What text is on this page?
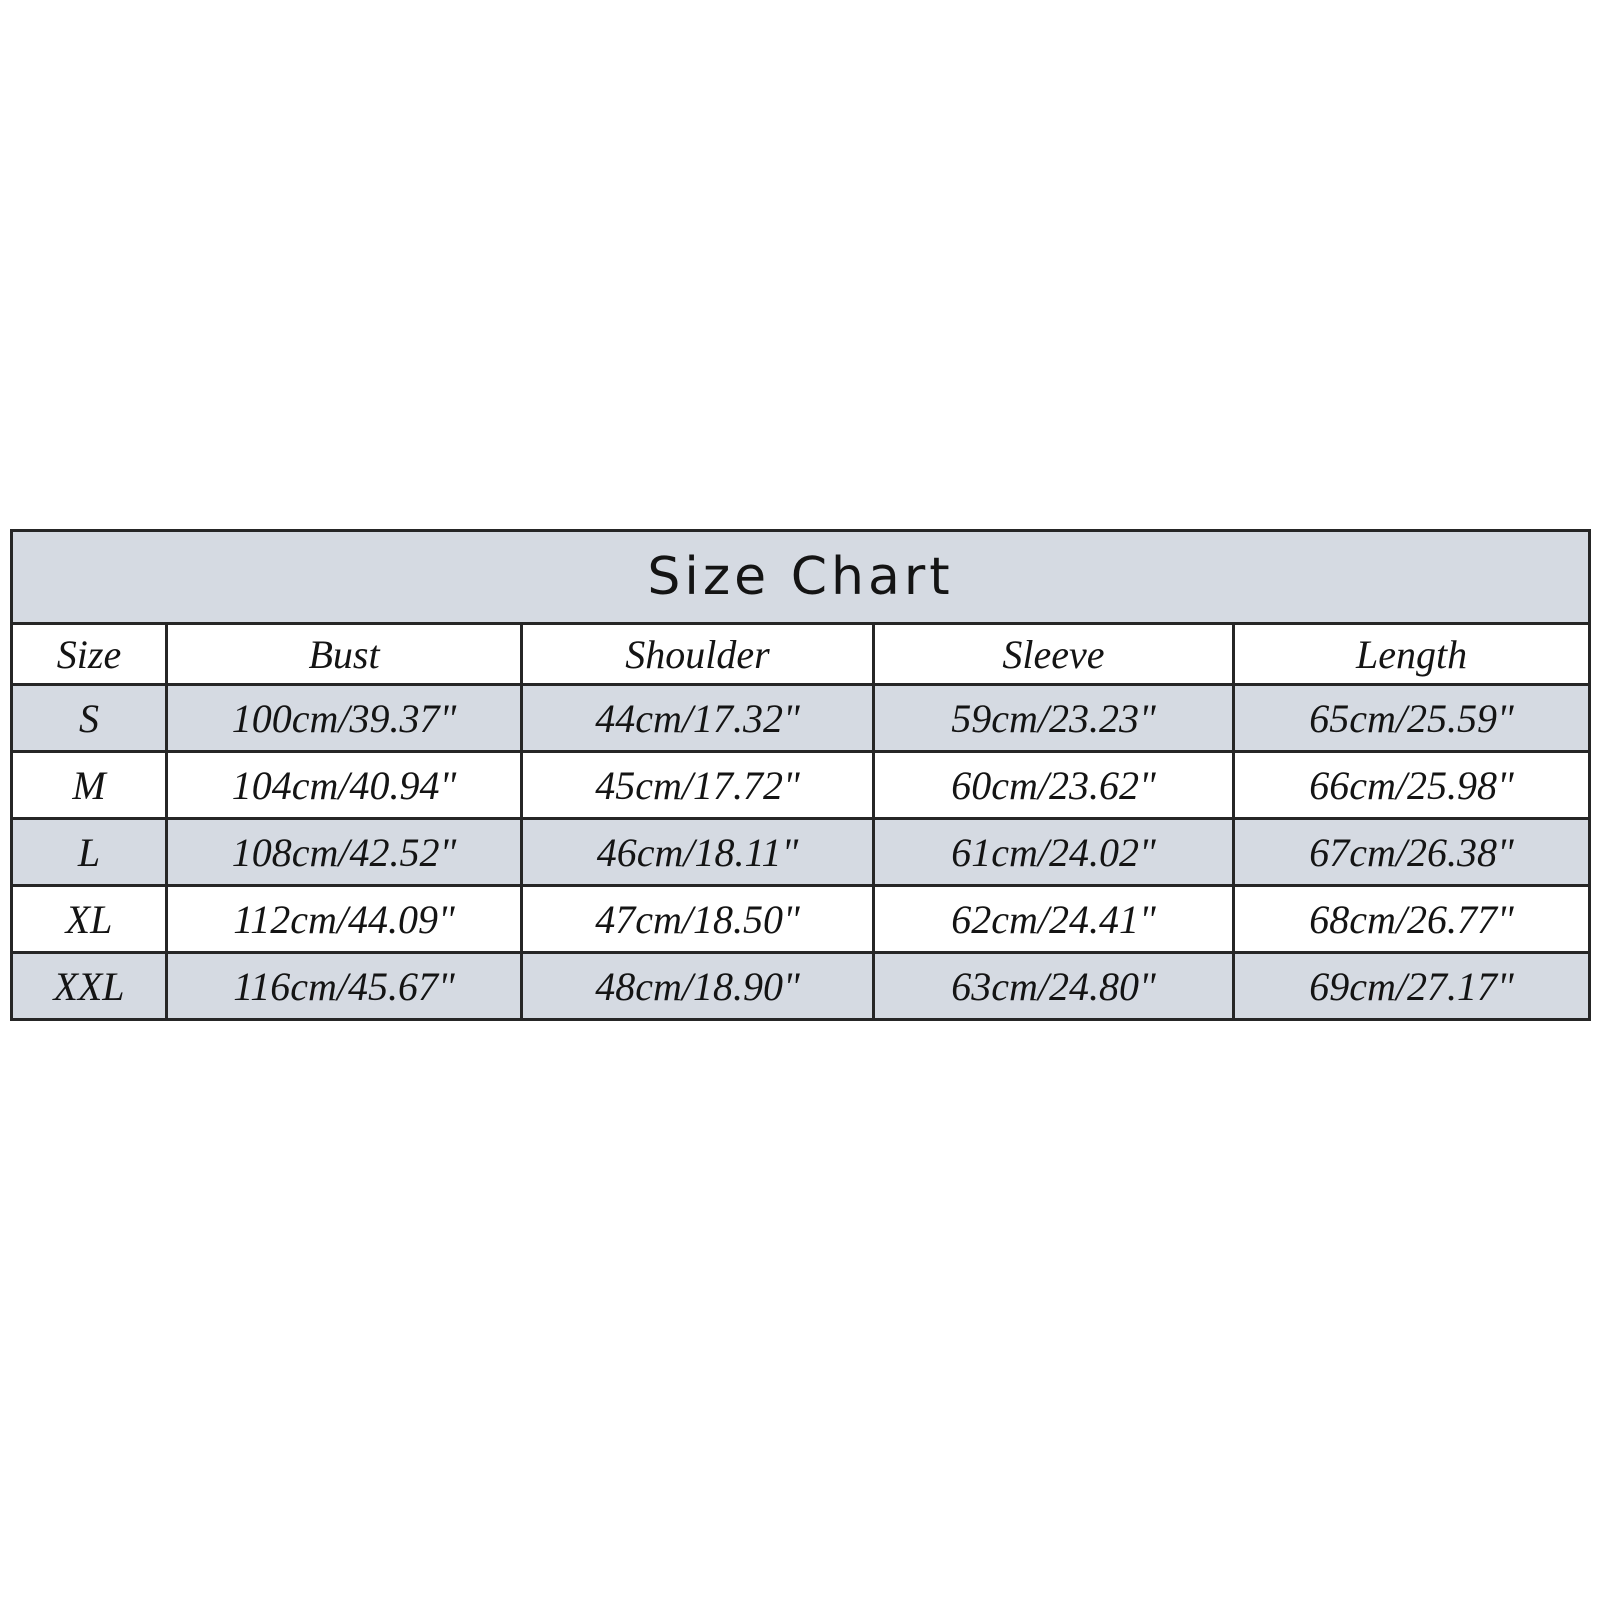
Size Chart				
Size	Bust	Shoulder	Sleeve	Length
S	100cm/39.37"	44cm/17.32"	59cm/23.23"	65cm/25.59"
M	104cm/40.94"	45cm/17.72"	60cm/23.62"	66cm/25.98"
L	108cm/42.52"	46cm/18.11"	61cm/24.02"	67cm/26.38"
XL	112cm/44.09"	47cm/18.50"	62cm/24.41"	68cm/26.77"
XXL	116cm/45.67"	48cm/18.90"	63cm/24.80"	69cm/27.17"
